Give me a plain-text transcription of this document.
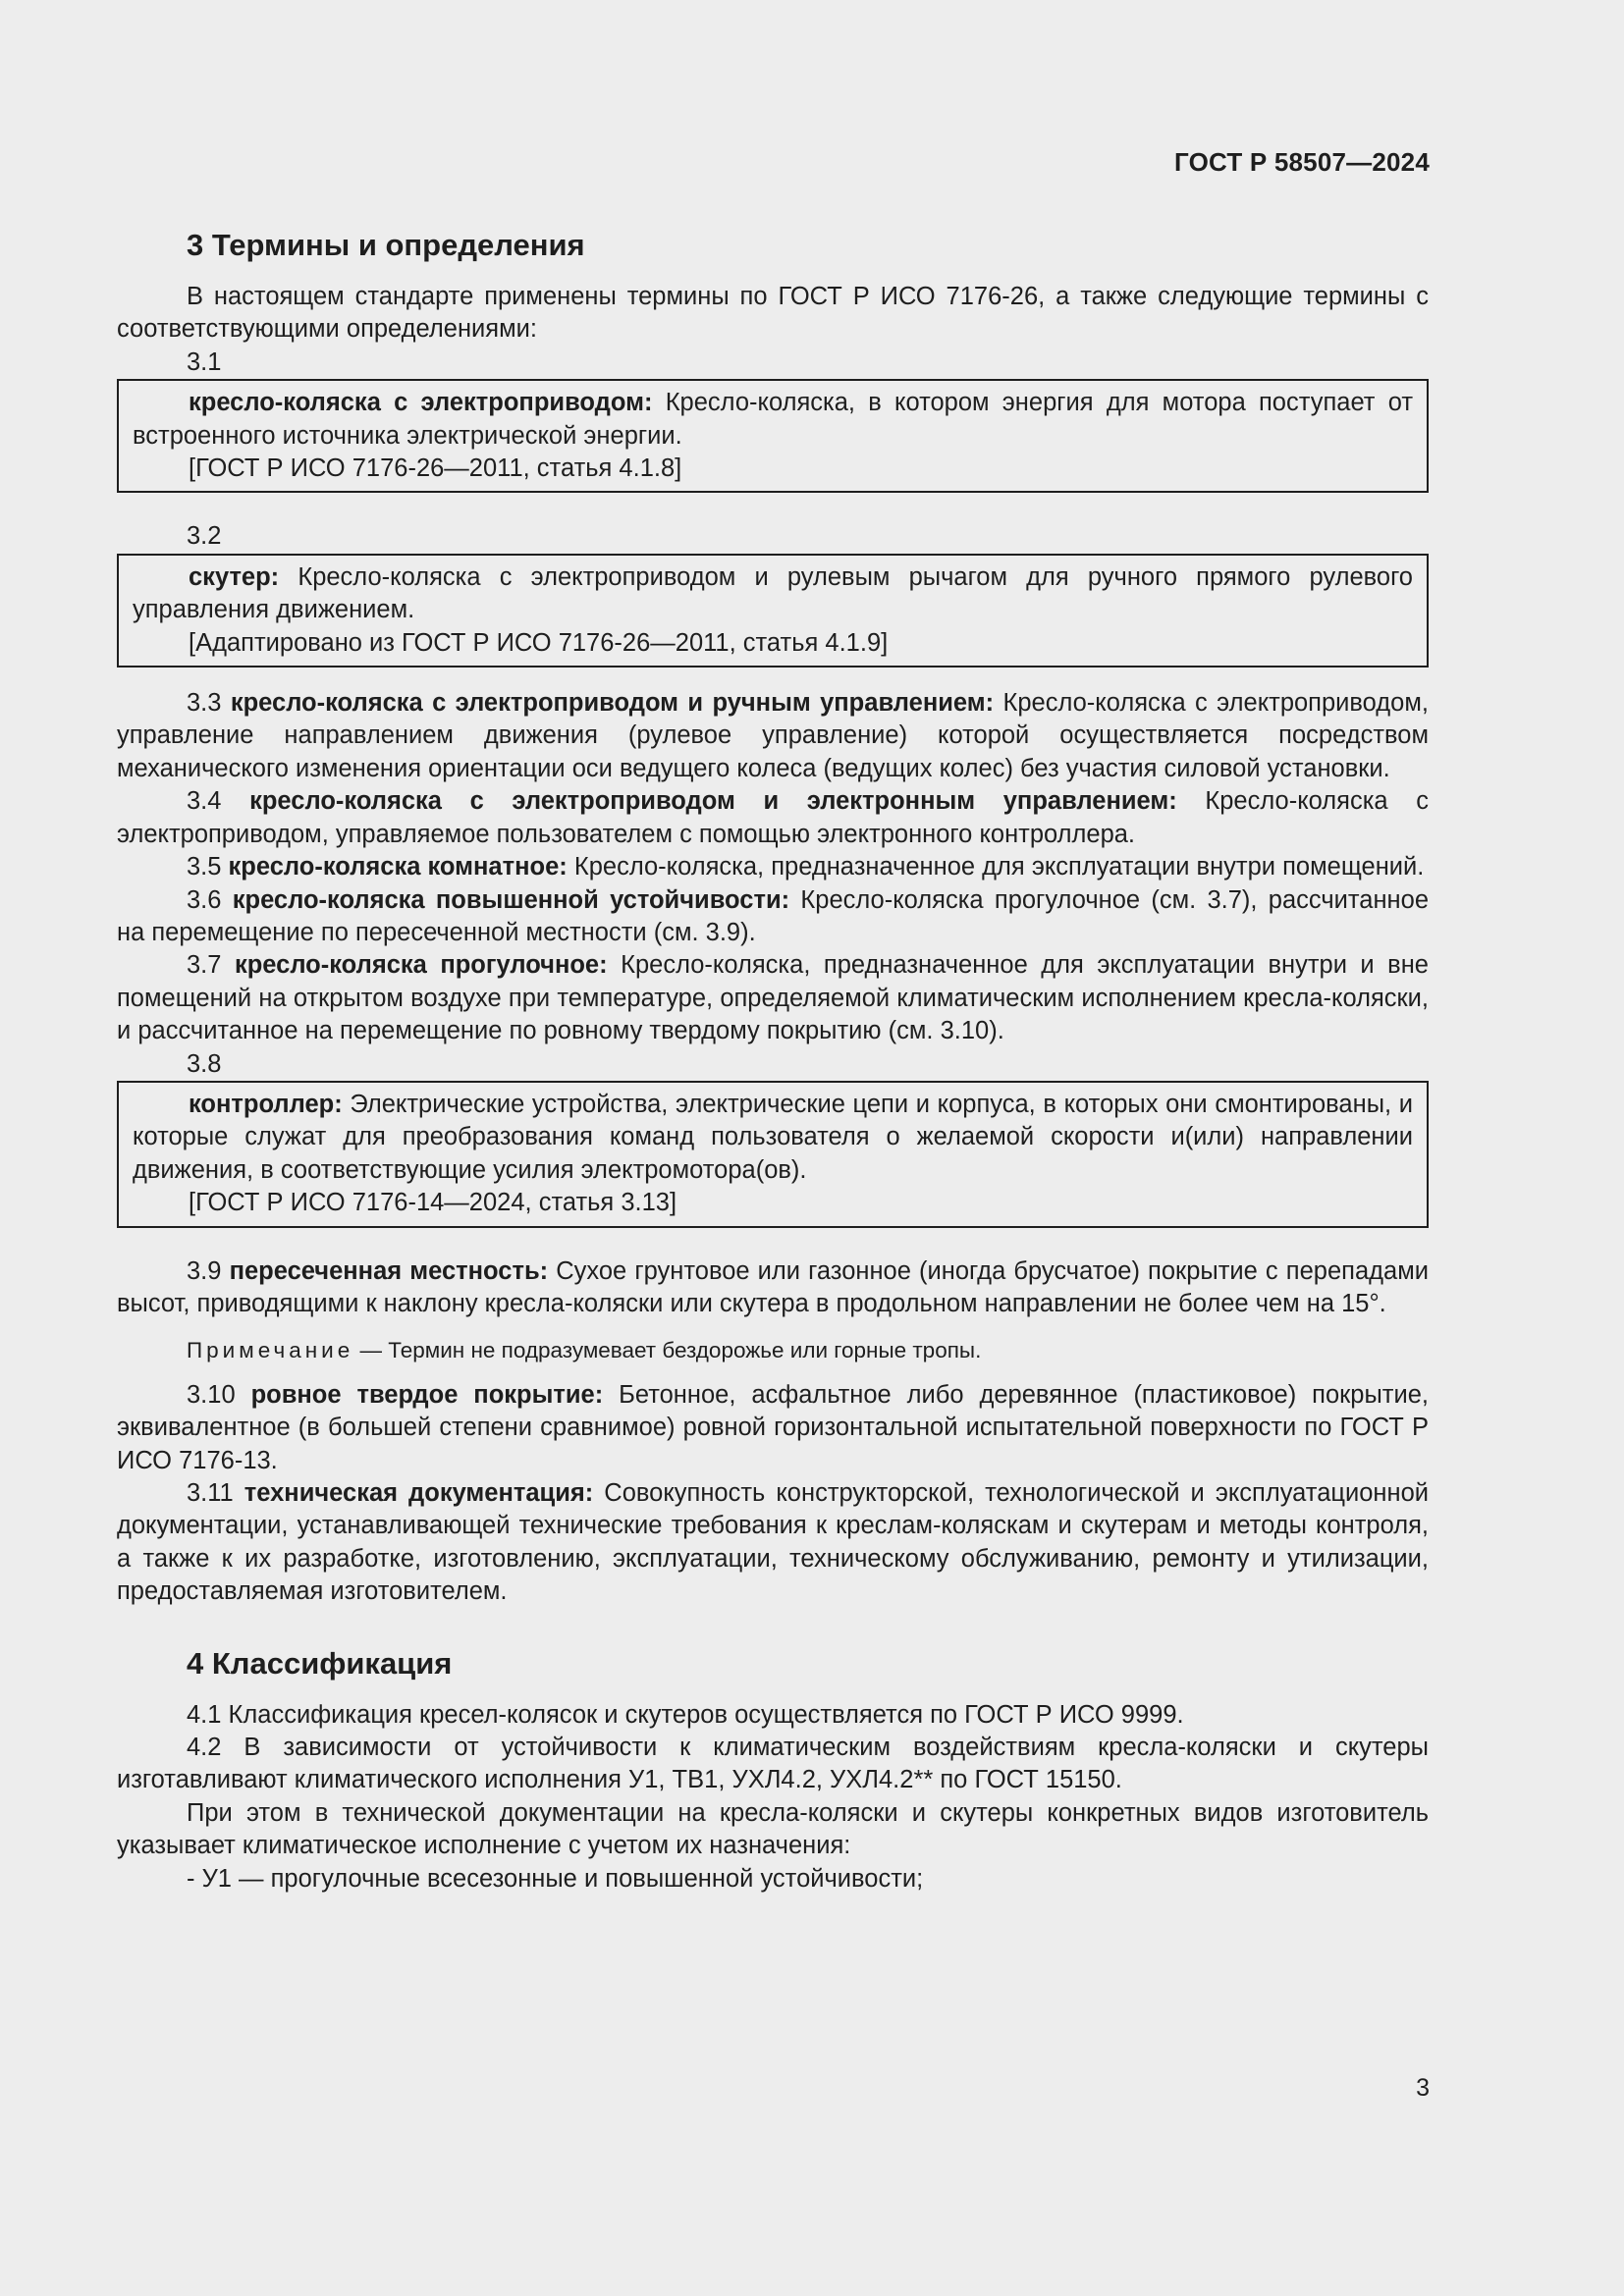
ГОСТ Р 58507—2024
3 Термины и определения

В настоящем стандарте применены термины по ГОСТ Р ИСО 7176-26, а также следующие термины с соответствующими определениями:

3.1

кресло-коляска с электроприводом: Кресло-коляска, в котором энергия для мотора поступает от встроенного источника электрической энергии.

[ГОСТ Р ИСО 7176-26—2011, статья 4.1.8]

3.2

скутер: Кресло-коляска с электроприводом и рулевым рычагом для ручного прямого рулевого управления движением.

[Адаптировано из ГОСТ Р ИСО 7176-26—2011, статья 4.1.9]

3.3 кресло-коляска с электроприводом и ручным управлением: Кресло-коляска с электроприводом, управление направлением движения (рулевое управление) которой осуществляется посредством механического изменения ориентации оси ведущего колеса (ведущих колес) без участия силовой установки.

3.4 кресло-коляска с электроприводом и электронным управлением: Кресло-коляска с электроприводом, управляемое пользователем с помощью электронного контроллера.

3.5 кресло-коляска комнатное: Кресло-коляска, предназначенное для эксплуатации внутри помещений.

3.6 кресло-коляска повышенной устойчивости: Кресло-коляска прогулочное (см. 3.7), рассчитанное на перемещение по пересеченной местности (см. 3.9).

3.7 кресло-коляска прогулочное: Кресло-коляска, предназначенное для эксплуатации внутри и вне помещений на открытом воздухе при температуре, определяемой климатическим исполнением кресла-коляски, и рассчитанное на перемещение по ровному твердому покрытию (см. 3.10).

3.8

контроллер: Электрические устройства, электрические цепи и корпуса, в которых они смонтированы, и которые служат для преобразования команд пользователя о желаемой скорости и(или) направлении движения, в соответствующие усилия электромотора(ов).

[ГОСТ Р ИСО 7176-14—2024, статья 3.13]

3.9 пересеченная местность: Сухое грунтовое или газонное (иногда брусчатое) покрытие с перепадами высот, приводящими к наклону кресла-коляски или скутера в продольном направлении не более чем на 15°.

Примечание — Термин не подразумевает бездорожье или горные тропы.

3.10 ровное твердое покрытие: Бетонное, асфальтное либо деревянное (пластиковое) покрытие, эквивалентное (в большей степени сравнимое) ровной горизонтальной испытательной поверхности по ГОСТ Р ИСО 7176-13.

3.11 техническая документация: Совокупность конструкторской, технологической и эксплуатационной документации, устанавливающей технические требования к креслам-коляскам и скутерам и методы контроля, а также к их разработке, изготовлению, эксплуатации, техническому обслуживанию, ремонту и утилизации, предоставляемая изготовителем.

4 Классификация

4.1 Классификация кресел-колясок и скутеров осуществляется по ГОСТ Р ИСО 9999.

4.2 В зависимости от устойчивости к климатическим воздействиям кресла-коляски и скутеры изготавливают климатического исполнения У1, ТВ1, УХЛ4.2, УХЛ4.2** по ГОСТ 15150.

При этом в технической документации на кресла-коляски и скутеры конкретных видов изготовитель указывает климатическое исполнение с учетом их назначения:

- У1 — прогулочные всесезонные и повышенной устойчивости;

3
